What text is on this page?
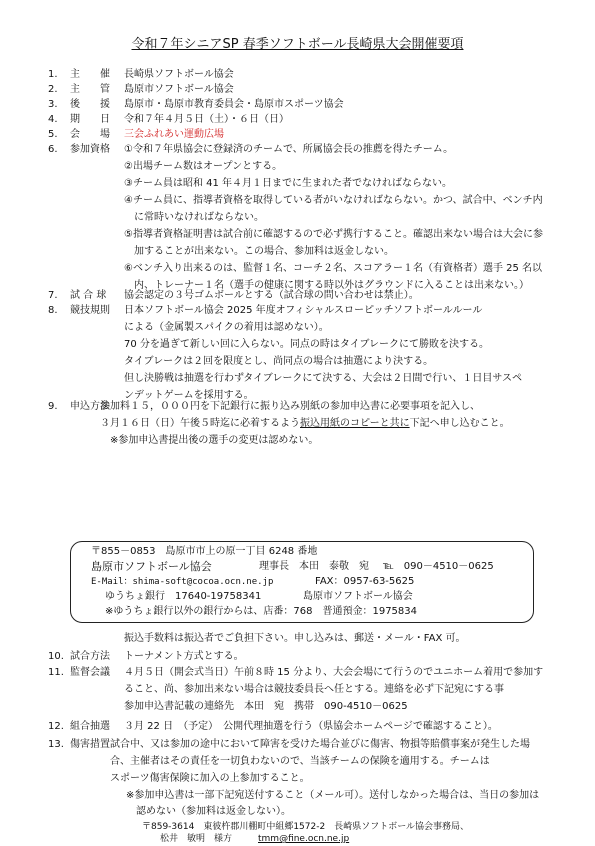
令和７年シニアSP 春季ソフトボール長崎県大会開催要項
1. 主　　催 長崎県ソフトボール協会
2. 主　　管 島原市ソフトボール協会
3. 後　　援 島原市・島原市教育委員会・島原市スポーツ協会
4. 期　　日 令和７年４月５日（土）・６日（日）
5. 会　　場 三会ふれあい運動広場
6. 参加資格 ①令和７年県協会に登録済のチームで、所属協会長の推薦を得たチーム。
②出場チーム数はオープンとする。
③チーム員は昭和 41 年４月１日までに生まれた者でなければならない。
④チーム員に、指導者資格を取得している者がいなければならない。かつ、試合中、ベンチ内
　に常時いなければならない。
⑤指導者資格証明書は試合前に確認するので必ず携行すること。確認出来ない場合は大会に参
　加することが出来ない。この場合、参加料は返金しない。
⑥ベンチ入り出来るのは、監督１名、コーチ２名、スコアラー１名（有資格者）選手 25 名以
　内、トレーナー１名（選手の健康に関する時以外はグラウンドに入ることは出来ない。）
7. 試 合 球 協会認定の３号ゴムボールとする（試合球の問い合わせは禁止）。
8. 競技規則 日本ソフトボール協会 2025 年度オフィシャルスローピッチソフトボールルール
による（金属製スパイクの着用は認めない）。
70 分を過ぎて新しい回に入らない。同点の時はタイブレークにて勝敗を決する。
タイブレークは２回を限度とし、尚同点の場合は抽選により決する。
但し決勝戦は抽選を行わずタイブレークにて決する、大会は２日間で行い、１日目サスペ
ンデットゲームを採用する。
9. 申込方法
参加料１５，０００円を下記銀行に振り込み別紙の参加申込書に必要事項を記入し、
３月１６日（日）午後５時迄に必着するよう振込用紙のコピーと共に下記へ申し込むこと。
　※参加申込書提出後の選手の変更は認めない。
〒855－0853　島原市市上の原一丁目 6248 番地
島原市ソフトボール協会	理事長　本田　泰敬　宛 ℡　090－4510－0625
E-Mail：shima-soft@cocoa.ocn.ne.jp	FAX：0957-63-5625
ゆうちょ銀行　17640-19758341	島原市ソフトボール協会
※ゆうちょ銀行以外の銀行からは、店番：768　普通預金：1975834
振込手数料は振込者でご負担下さい。申し込みは、郵送・メール・FAX 可。
10. 試合方法 トーナメント方式とする。
11. 監督会議 ４月５日（開会式当日）午前８時 15 分より、大会会場にて行うのでユニホーム着用で参加す
ること、尚、参加出来ない場合は競技委員長へ任とする。連絡を必ず下記宛にする事
参加申込書記載の連絡先　本田　宛　携帯　090-4510－0625
12. 組合抽選 ３月 22 日　（予定）　公開代理抽選を行う（県協会ホームページで確認すること）。
13. 傷害措置 試合中、又は参加の途中において障害を受けた場合並びに傷害、物損等賠償事案が発生した場
合、主催者はその責任を一切負わないので、当該チームの保険を適用する。チームは
スポーツ傷害保険に加入の上参加すること。
※参加申込書は一部下記宛送付すること（メール可）。送付しなかった場合は、当日の参加は
　認めない（参加料は返金しない）。
〒859-3614　東彼杵郡川棚町中組郷1572-2　長崎県ソフトボール協会事務局、
松井　敏明　様方	tmm@fine.ocn.ne.jp
